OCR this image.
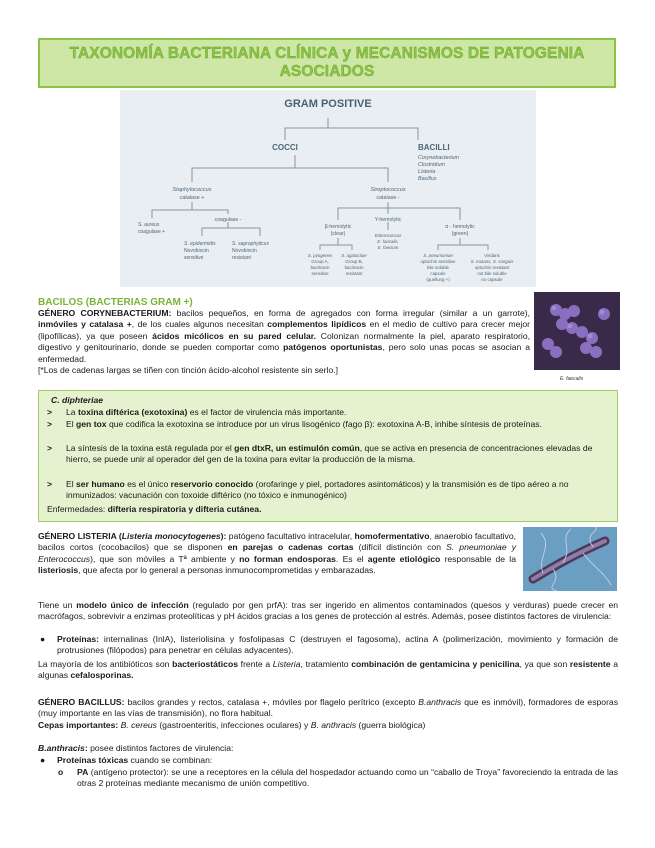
TAXONOMÍA BACTERIANA CLÍNICA y MECANISMOS DE PATOGENIA
ASOCIADOS
GRAM POSITIVE
COCCI	BACILLI
Corynebacterium
Clostridium
Listeria
Bacillus
Staphylococcus
catalase +
Streptococcus
catalase -
S. aureus
coagulase +
coagulase -
S. epidermidis
Novobiocin
sensitive
S. saprophyticus
Novobiocin
resistant
β-hemolytic
(clear)
Y-hemolytic
α - hemolytic
(green)
Enterococcus
E. faecalis,
E. faecium
S. pyogenes
Group A,
bacitracin
sensitive
S. agalactiae
Group B,
bacitracin
resistant
S. pneumoniae
optochin sensitive
bile soluble
capsule
(quellung +)
Viridans
S. mutans, S. sanguis
optochin resistant
not bile soluble
no capsule
BACILOS (BACTERIAS GRAM +)
GÉNERO CORYNEBACTERIUM: bacilos pequeños, en forma de agregados con forma irregular (similar a un garrote), inmóviles y catalasa +, de los cuales algunos necesitan complementos lipídicos en el medio de cultivo para crecer mejor (lipofílicas), ya que poseen ácidos micólicos en su pared celular. Colonizan normalmente la piel, aparato respiratorio, digestivo y genitourinario, donde se pueden comportar como patógenos oportunistas, pero solo unas pocas se asocian a enfermedad.
[*Los de cadenas largas se tiñen con tinción ácido-alcohol resistente sin serlo.]
E. faecalis
C. diphteriae
> La toxina diftérica (exotoxina) es el factor de virulencia más importante.
> El gen tox que codifica la exotoxina se introduce por un virus lisogénico (fago β): exotoxina A-B, inhibe síntesis de proteínas.
> La síntesis de la toxina está regulada por el gen dtxR, un estimulón común, que se activa en presencia de concentraciones elevadas de hierro, se puede unir al operador del gen de la toxina para evitar la producción de la misma.
> El ser humano es el único reservorio conocido (orofaringe y piel, portadores asintomáticos) y la transmisión es de tipo aéreo a no inmunizados: vacunación con toxoide diftérico (no tóxico e inmunogénico)
Enfermedades: difteria respiratoria y difteria cutánea.
GÉNERO LISTERIA (Listeria monocytogenes): patógeno facultativo intracelular, homofermentativo, anaerobio facultativo, bacilos cortos (cocobacilos) que se disponen en parejas o cadenas cortas (difícil distinción con S. pneumoniae y Enterococcus), que son móviles a Tª ambiente y no forman endosporas. Es el agente etiológico responsable de la listeriosis, que afecta por lo general a personas inmunocomprometidas y embarazadas.
Tiene un modelo único de infección (regulado por gen prfA): tras ser ingerido en alimentos contaminados (quesos y verduras) puede crecer en macrófagos, sobrevivir a enzimas proteolíticas y pH ácidos gracias a los genes de protección al estrés. Además, posee distintos factores de virulencia:
● Proteínas: internalinas (InlA), listeriolisina y fosfolipasas C (destruyen el fagosoma), actina A (polimerización, movimiento y formación de protrusiones (filópodos) para penetrar en células adyacentes).
La mayoría de los antibióticos son bacteriostáticos frente a Listeria, tratamiento combinación de gentamicina y penicilina, ya que son resistente a algunas cefalosporinas.
GÉNERO BACILLUS: bacilos grandes y rectos, catalasa +, móviles por flagelo perítrico (excepto B.anthracis que es inmóvil), formadores de esporas (muy importante en las vías de transmisión), no flora habitual.
Cepas importantes: B. cereus (gastroenteritis, infecciones oculares) y B. anthracis (guerra biológica)
B.anthracis: posee distintos factores de virulencia:
● Proteínas tóxicas cuando se combinan:
o PA (antígeno protector): se une a receptores en la célula del hospedador actuando como un “caballo de Troya” favoreciendo la entrada de las otras 2 proteínas mediante mecanismo de unión competitivo.
